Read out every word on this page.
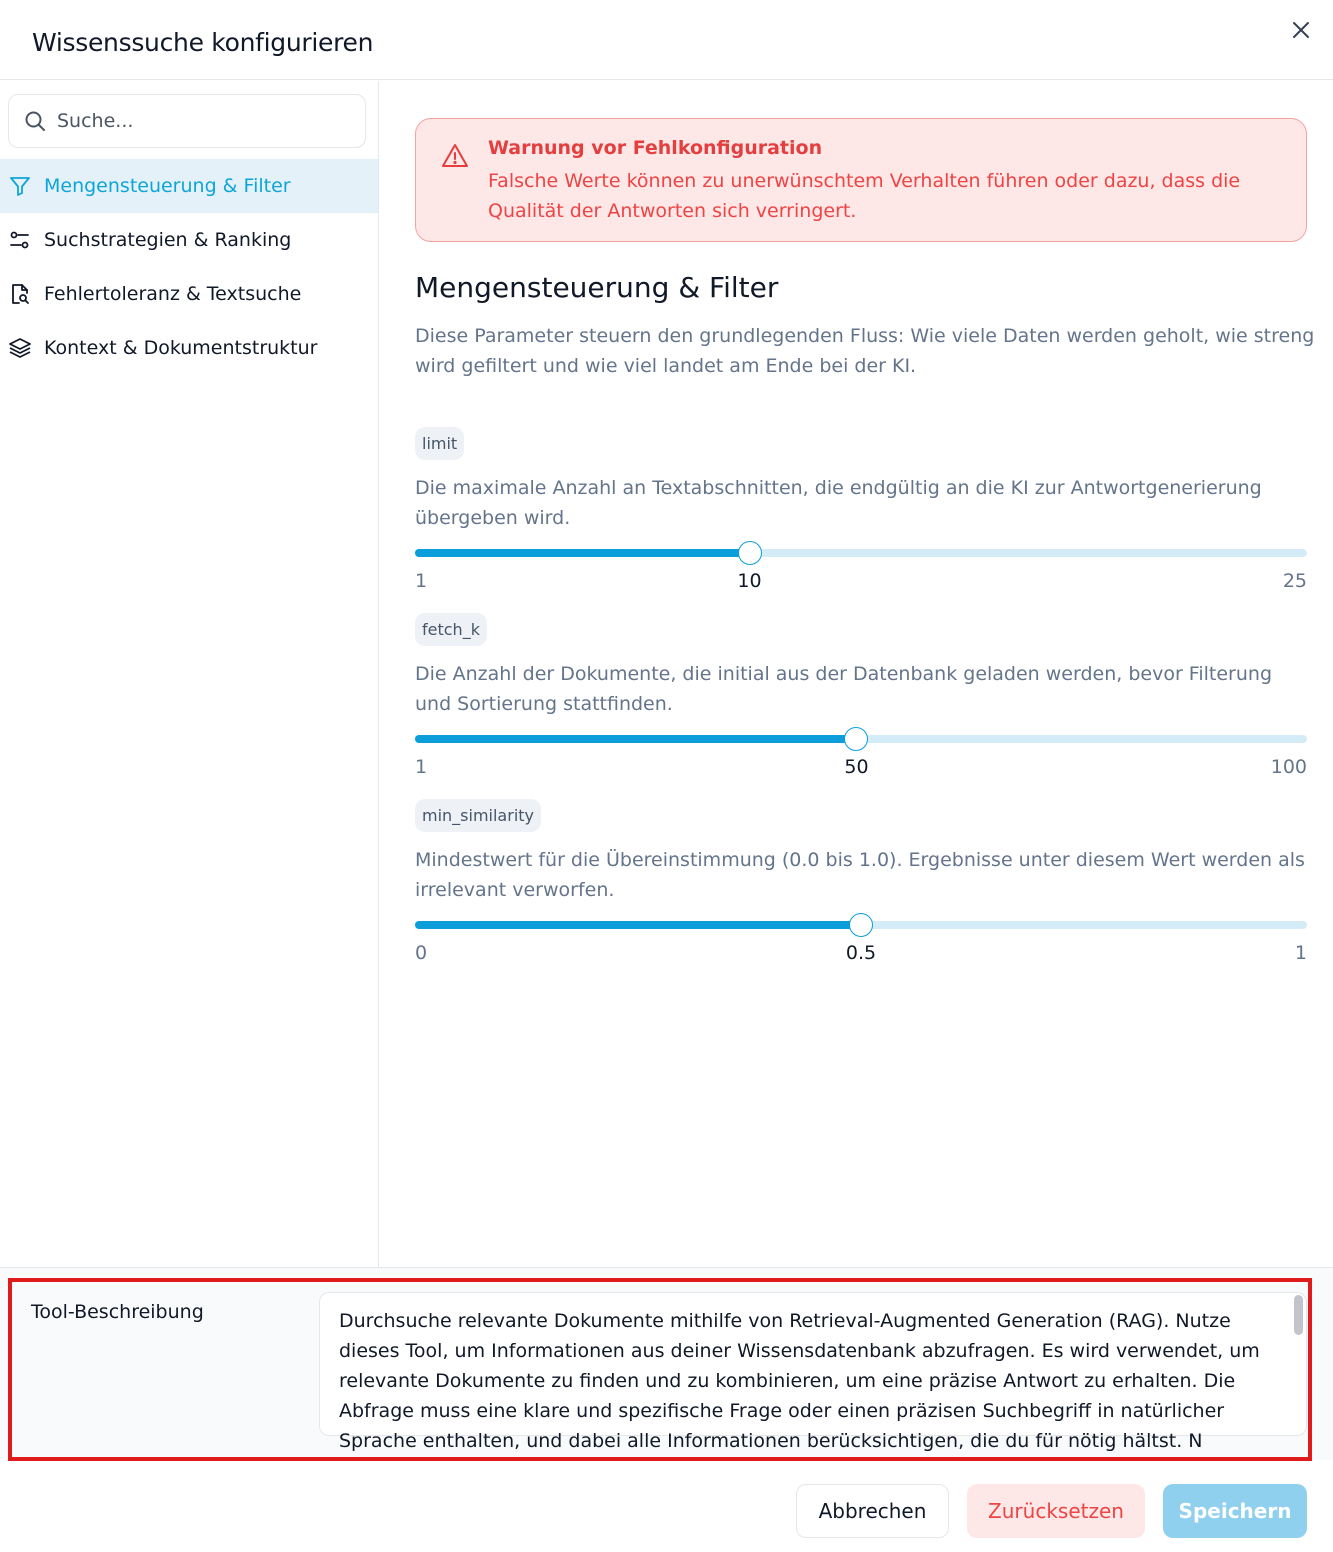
Wissenssuche konfigurieren
Suche...
Mengensteuerung & Filter
Suchstrategien & Ranking
Fehlertoleranz & Textsuche
Kontext & Dokumentstruktur
Warnung vor Fehlkonfiguration
Falsche Werte können zu unerwünschtem Verhalten führen oder dazu, dass die Qualität der Antworten sich verringert.
Mengensteuerung & Filter
Diese Parameter steuern den grundlegenden Fluss: Wie viele Daten werden geholt, wie streng wird gefiltert und wie viel landet am Ende bei der KI.
limit
Die maximale Anzahl an Textabschnitten, die endgültig an die KI zur Antwortgenerierung übergeben wird.
1	10	25
fetch_k
Die Anzahl der Dokumente, die initial aus der Datenbank geladen werden, bevor Filterung und Sortierung stattfinden.
1	50	100
min_similarity
Mindestwert für die Übereinstimmung (0.0 bis 1.0). Ergebnisse unter diesem Wert werden als irrelevant verworfen.
0	0.5	1
Tool-Beschreibung	Durchsuche relevante Dokumente mithilfe von Retrieval-Augmented Generation (RAG). Nutze dieses Tool, um Informationen aus deiner Wissensdatenbank abzufragen. Es wird verwendet, um relevante Dokumente zu finden und zu kombinieren, um eine präzise Antwort zu erhalten. Die Abfrage muss eine klare und spezifische Frage oder einen präzisen Suchbegriff in natürlicher Sprache enthalten, und dabei alle Informationen berücksichtigen, die du für nötig hältst. N
Abbrechen	Zurücksetzen	Speichern
